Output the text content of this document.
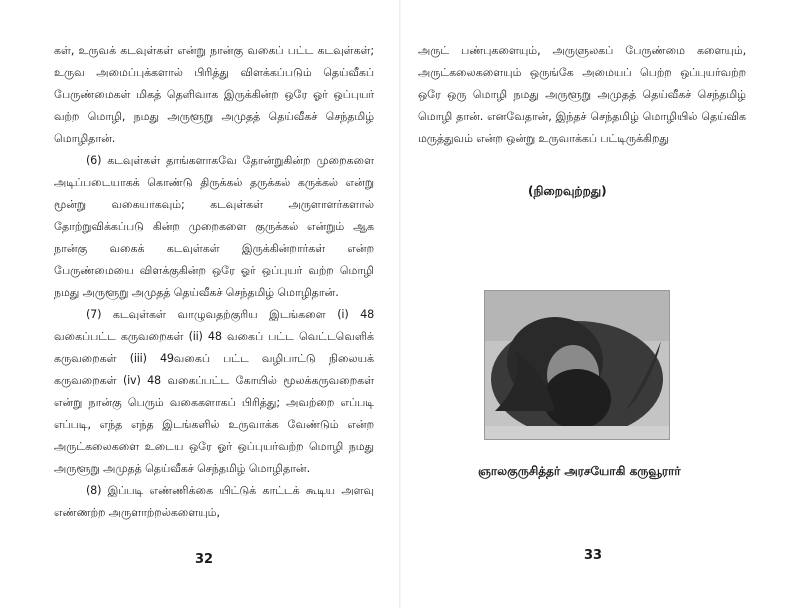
கள், உருவக் கடவுள்கள் என்று நான்கு வகைப் பட்ட கடவுள்கள்; உருவ அமைப்புக்களால் பிரித்து விளக்கப்படும் தெய்வீகப் பேருண்மைகள் மிகத் தெளிவாக இருக்கின்ற ஒரே ஓர் ஒப்புயர் வற்ற மொழி, நமது அருளூறு அமுதத் தெய்வீகச் செந்தமிழ் மொழிதான்.

(6) கடவுள்கள் தாங்களாகவே தோன்றுகின்ற முறைகளை அடிப்படையாகக் கொண்டு திருக்கல் தருக்கல் கருக்கல் என்று மூன்று வகையாகவும்; கடவுள்கள் அருளாளர்களால் தோற்றுவிக்கப்படு கின்ற முறைகளை குருக்கல் என்றும் ஆக நான்கு வகைக் கடவுள்கள் இருக்கின்றார்கள் என்ற பேருண்மையை விளக்குகின்ற ஒரே ஓர் ஒப்புயர் வற்ற மொழி நமது அருளூறு அமுதத் தெய்வீகச் செந்தமிழ் மொழிதான்.

(7) கடவுள்கள் வாழுவதற்குரிய இடங்களை (i) 48 வகைப்பட்ட கருவறைகள் (ii) 48 வகைப் பட்ட வெட்டவெளிக் கருவறைகள் (iii) 49வகைப் பட்ட வழிபாட்டு நிலையக் கருவறைகள் (iv) 48 வகைப்பட்ட கோயில் மூலக்கருவறைகள் என்று நான்கு பெரும் வகைகளாகப் பிரித்து; அவற்றை எப்படி எப்படி, எந்த எந்த இடங்களில் உருவாக்க வேண்டும் என்ற அருட்கலைகளை உடைய ஒரே ஓர் ஒப்புயர்வற்ற மொழி நமது அருளூறு அமுதத் தெய்வீகச் செந்தமிழ் மொழிதான்.

(8) இப்படி எண்ணிக்கை யிட்டுக் காட்டக் கூடிய அளவு எண்ணற்ற அருளாற்றல்களையும்,

32

அருட் பண்புகளையும், அருளுலகப் பேருண்மை களையும், அருட்கலைகளையும் ஒருங்கே அமையப் பெற்ற ஒப்புயர்வற்ற ஒரே ஒரு மொழி நமது அருளூறு அமுதத் தெய்வீகச் செந்தமிழ் மொழி தான். எனவேதான், இந்தச் செந்தமிழ் மொழியில் தெய்விக மருத்துவம் என்ற ஒன்று உருவாக்கப் பட்டிருக்கிறது

(நிறைவுற்றது)
ஞாலகுருசித்தர் அரசயோகி கருவூரார்
33
